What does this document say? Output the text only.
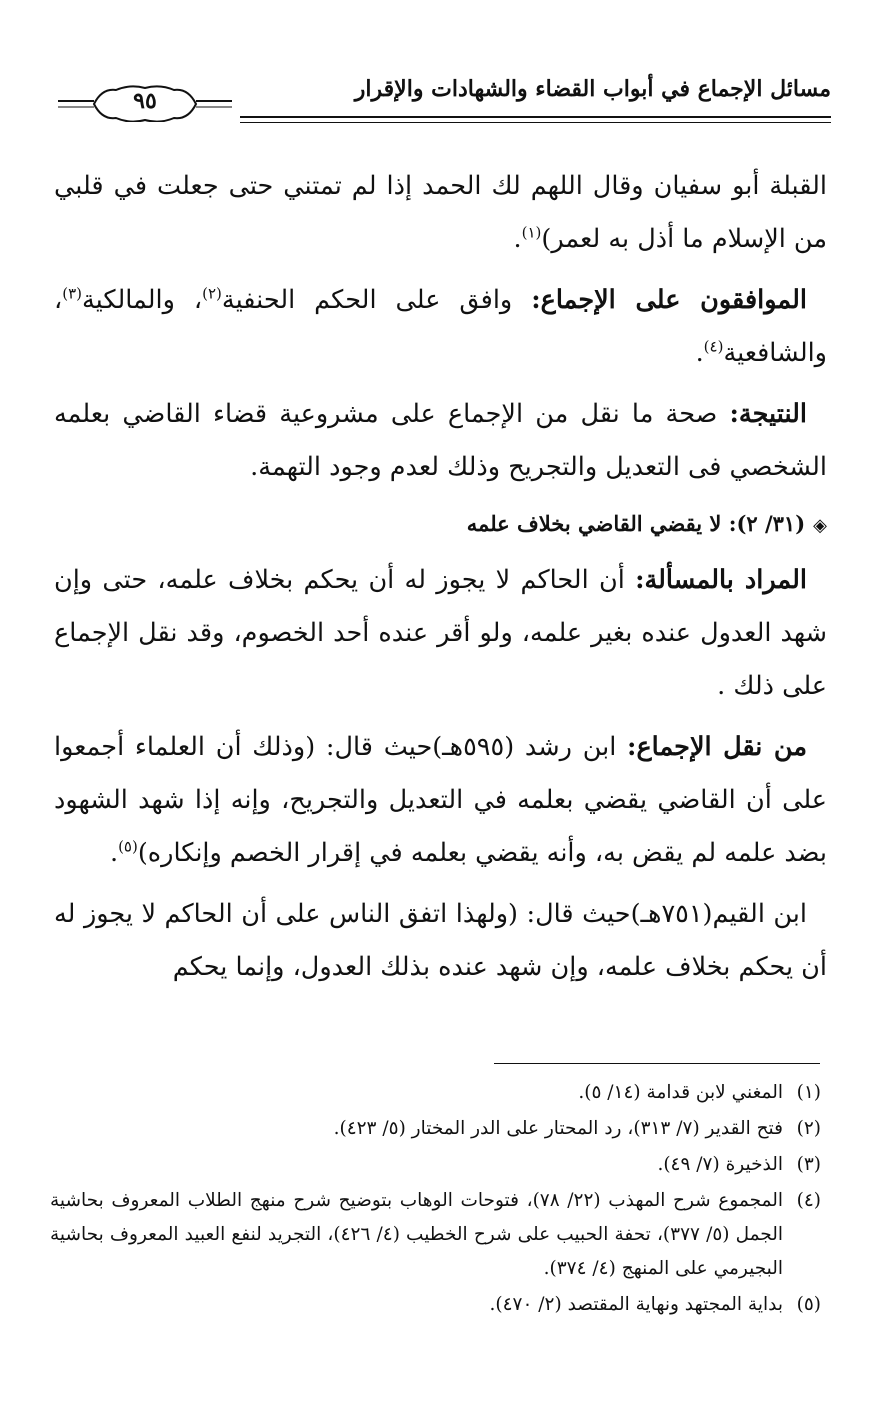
مسائل الإجماع في أبواب القضاء والشهادات والإقرار
٩٥

القبلة أبو سفيان وقال اللهم لك الحمد إذا لم تمتني حتى جعلت في قلبي من الإسلام ما أذل به لعمر)$^{(١)}$.

الموافقون على الإجماع: وافق على الحكم الحنفية$^{(٢)}$، والمالكية$^{(٣)}$، والشافعية$^{(٤)}$.

النتيجة: صحة ما نقل من الإجماع على مشروعية قضاء القاضي بعلمه الشخصي فى التعديل والتجريح وذلك لعدم وجود التهمة.

◈(٣١/ ٢): لا يقضي القاضي بخلاف علمه

المراد بالمسألة: أن الحاكم لا يجوز له أن يحكم بخلاف علمه، حتى وإن شهد العدول عنده بغير علمه، ولو أقر عنده أحد الخصوم، وقد نقل الإجماع على ذلك .

من نقل الإجماع: ابن رشد (٥٩٥هـ)حيث قال: (وذلك أن العلماء أجمعوا على أن القاضي يقضي بعلمه في التعديل والتجريح، وإنه إذا شهد الشهود بضد علمه لم يقض به، وأنه يقضي بعلمه في إقرار الخصم وإنكاره)$^{(٥)}$.

ابن القيم(٧٥١هـ)حيث قال: (ولهذا اتفق الناس على أن الحاكم لا يجوز له أن يحكم بخلاف علمه، وإن شهد عنده بذلك العدول، وإنما يحكم

(١)
المغني لابن قدامة (١٤/ ٥).
(٢)
فتح القدير (٧/ ٣١٣)، رد المحتار على الدر المختار (٥/ ٤٢٣).
(٣)
الذخيرة (٧/ ٤٩).
(٤)
المجموع شرح المهذب (٢٢/ ٧٨)، فتوحات الوهاب بتوضيح شرح منهج الطلاب المعروف بحاشية الجمل (٥/ ٣٧٧)، تحفة الحبيب على شرح الخطيب (٤/ ٤٢٦)، التجريد لنفع العبيد المعروف بحاشية البجيرمي على المنهج (٤/ ٣٧٤).
(٥)
بداية المجتهد ونهاية المقتصد (٢/ ٤٧٠).
